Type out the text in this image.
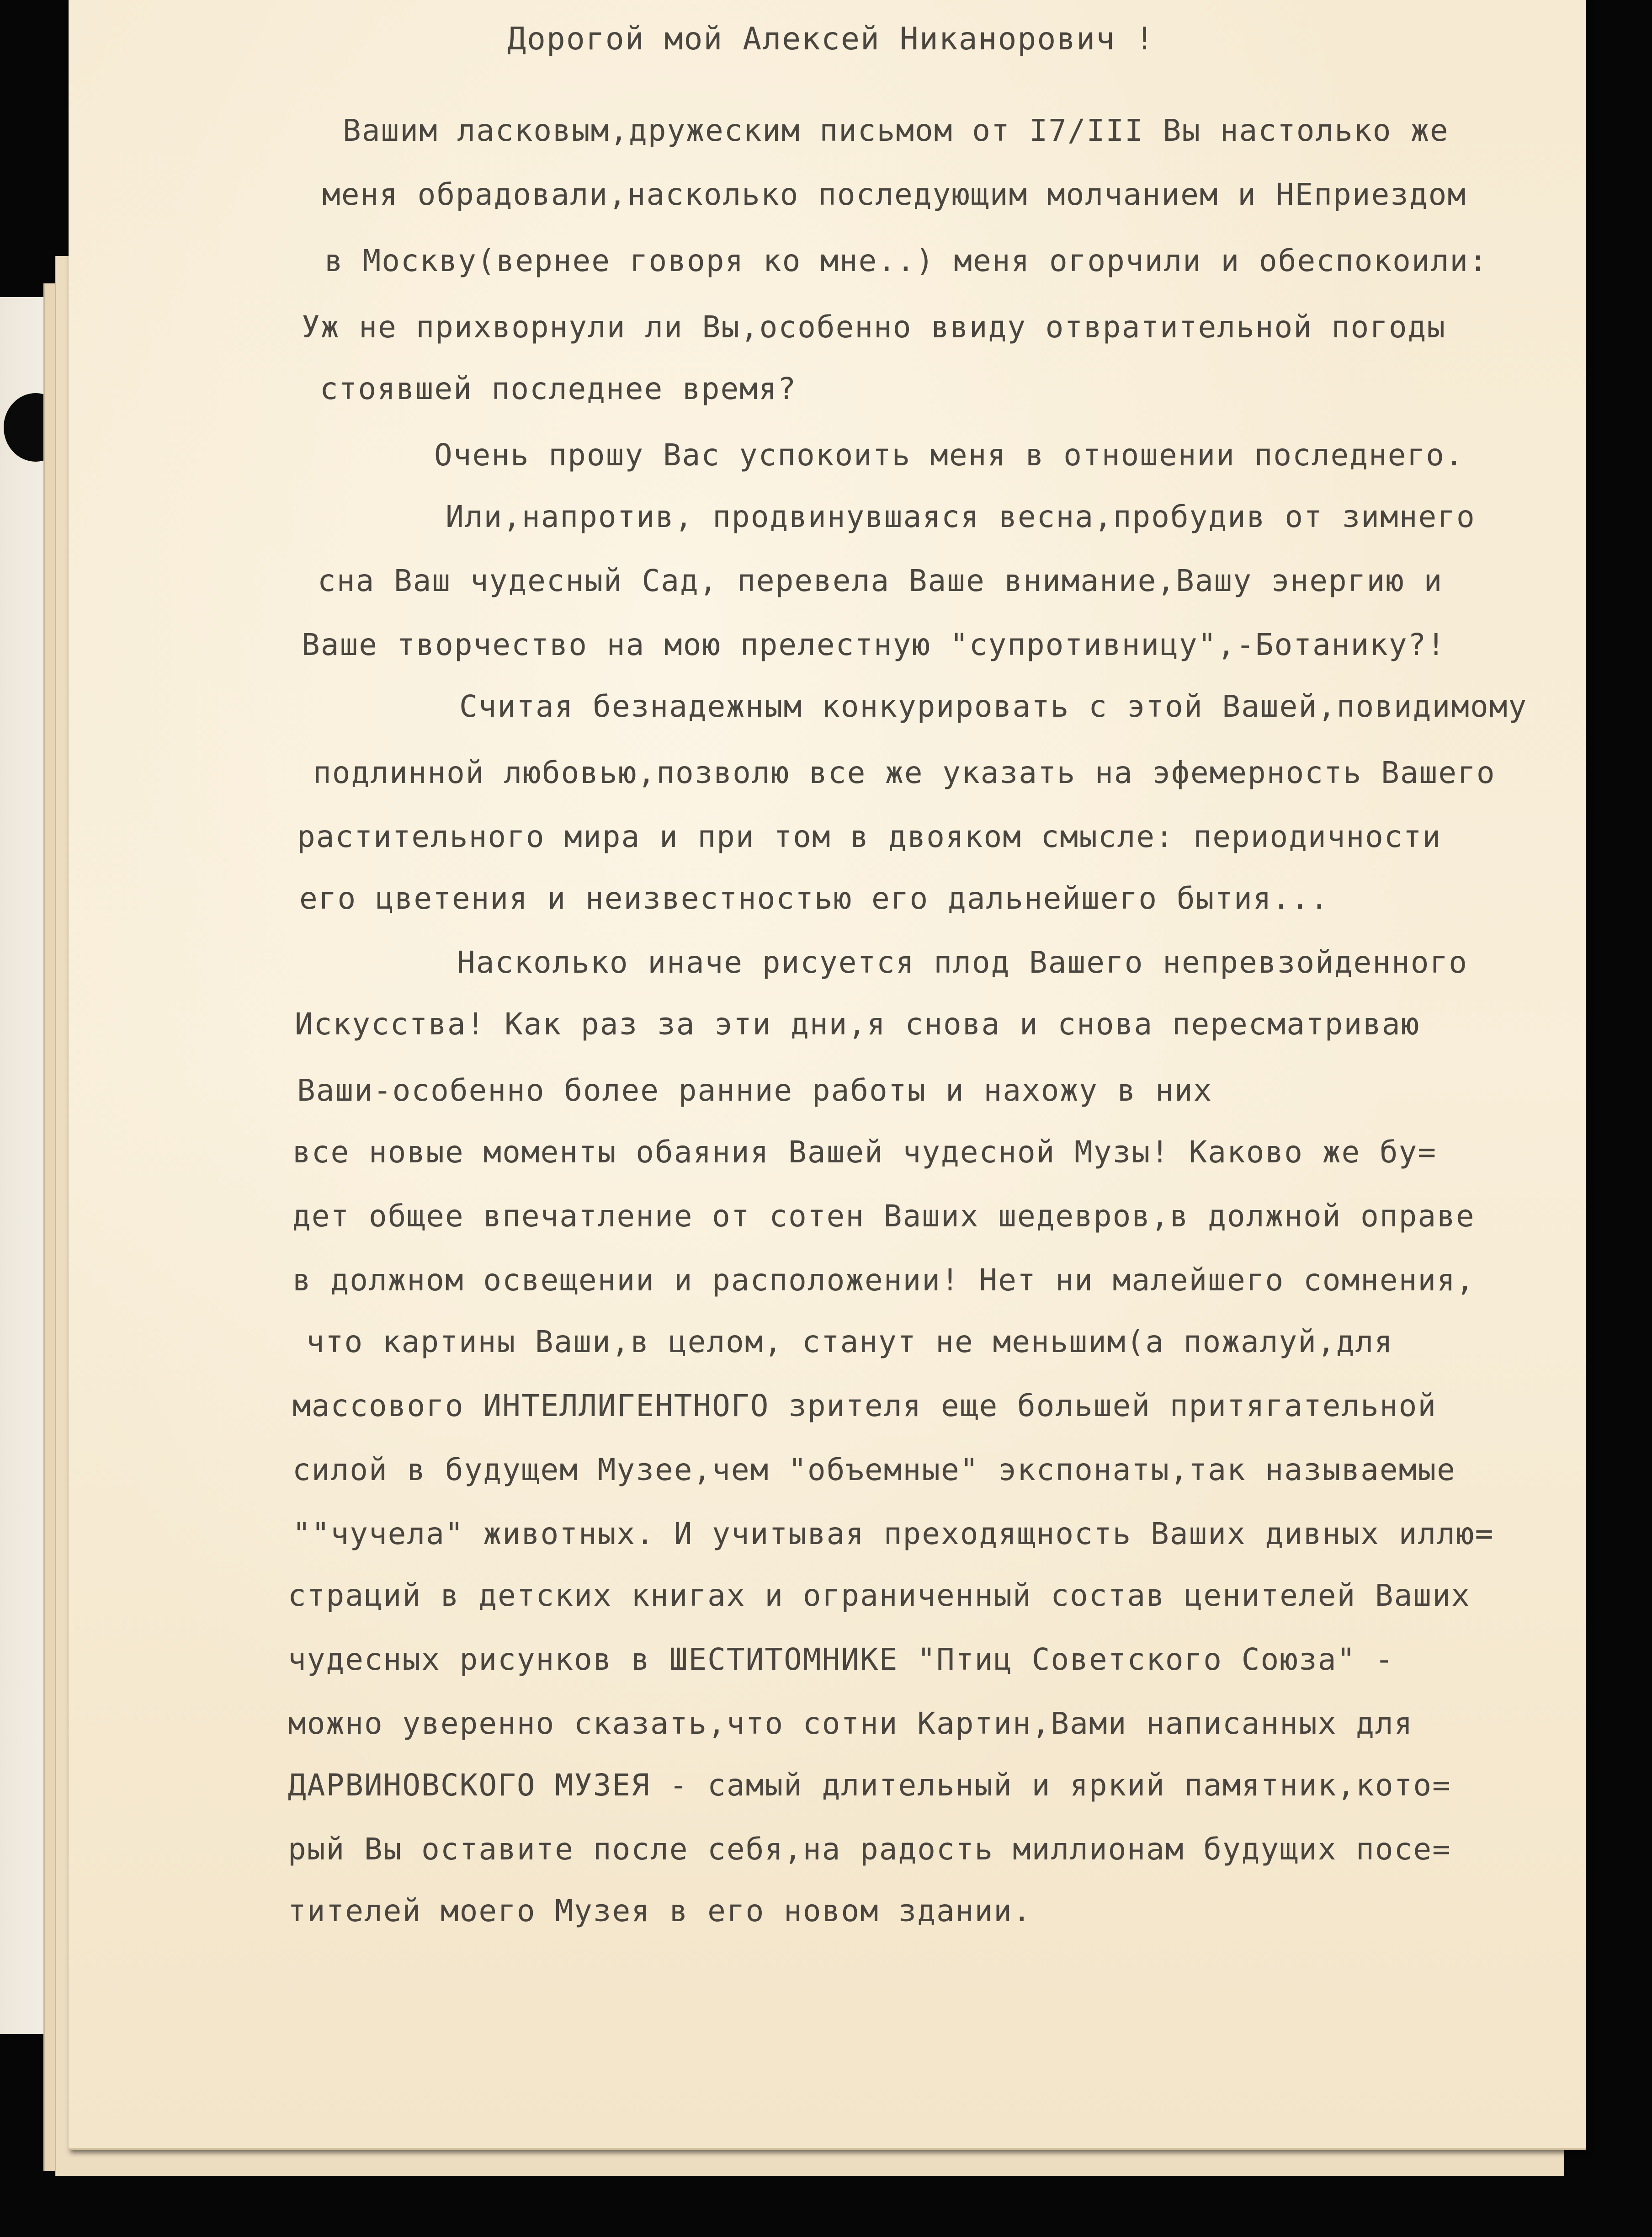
Дорогой мой Алексей Никанорович !
Вашим ласковым,дружеским письмом от I7/III Вы настолько же
меня обрадовали,насколько последующим молчанием и НЕприездом
в Москву(вернее говоря ко мне..) меня огорчили и обеспокоили:
Уж не прихворнули ли Вы,особенно ввиду отвратительной погоды
стоявшей последнее время?
Очень прошу Вас успокоить меня в отношении последнего.
Или,напротив, продвинувшаяся весна,пробудив от зимнего
сна Ваш чудесный Сад, перевела Ваше внимание,Вашу энергию и
Ваше творчество на мою прелестную "супротивницу",-Ботанику?!
Считая безнадежным конкурировать с этой Вашей,повидимому
подлинной любовью,позволю все же указать на эфемерность Вашего
растительного мира и при том в двояком смысле: периодичности
его цветения и неизвестностью его дальнейшего бытия...
Насколько иначе рисуется плод Вашего непревзойденного
Искусства! Как раз за эти дни,я снова и снова пересматриваю
Ваши-особенно более ранние работы и нахожу в них
все новые моменты обаяния Вашей чудесной Музы! Каково же бу=
дет общее впечатление от сотен Ваших шедевров,в должной оправе
в должном освещении и расположении! Нет ни малейшего сомнения,
что картины Ваши,в целом, станут не меньшим(а пожалуй,для
массового ИНТЕЛЛИГЕНТНОГО зрителя еще большей притягательной
силой в будущем Музее,чем "объемные" экспонаты,так называемые
""чучела" животных. И учитывая преходящность Ваших дивных иллю=
страций в детских книгах и ограниченный состав ценителей Ваших
чудесных рисунков в ШЕСТИТОМНИКЕ "Птиц Советского Союза" -
можно уверенно сказать,что сотни Картин,Вами написанных для
ДАРВИНОВСКОГО МУЗЕЯ - самый длительный и яркий памятник,кото=
рый Вы оставите после себя,на радость миллионам будущих посе=
тителей моего Музея в его новом здании.
